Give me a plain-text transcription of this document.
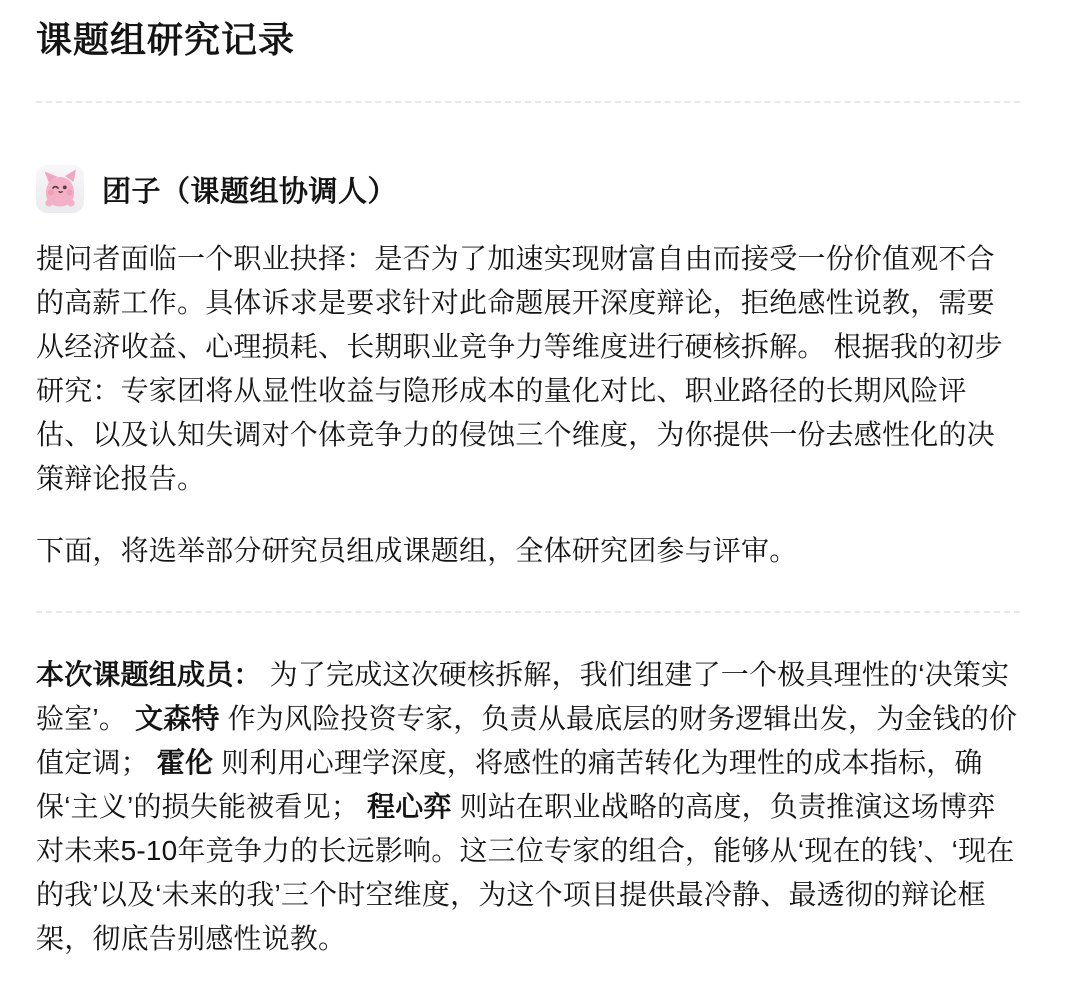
课题组研究记录
团子（课题组协调人）

提问者面临一个职业抉择：是否为了加速实现财富自由而接受一份价值观不合的高薪工作。具体诉求是要求针对此命题展开深度辩论，拒绝感性说教，需要从经济收益、心理损耗、长期职业竞争力等维度进行硬核拆解。 根据我的初步研究：专家团将从显性收益与隐形成本的量化对比、职业路径的长期风险评估、以及认知失调对个体竞争力的侵蚀三个维度，为你提供一份去感性化的决策辩论报告。

下面，将选举部分研究员组成课题组，全体研究团参与评审。

本次课题组成员： 为了完成这次硬核拆解，我们组建了一个极具理性的‘决策实验室’。 文森特 作为风险投资专家，负责从最底层的财务逻辑出发，为金钱的价值定调； 霍伦 则利用心理学深度，将感性的痛苦转化为理性的成本指标，确保‘主义’的损失能被看见； 程心弈 则站在职业战略的高度，负责推演这场博弈对未来5-10年竞争力的长远影响。这三位专家的组合，能够从‘现在的钱’、‘现在的我’以及‘未来的我’三个时空维度，为这个项目提供最冷静、最透彻的辩论框架，彻底告别感性说教。
